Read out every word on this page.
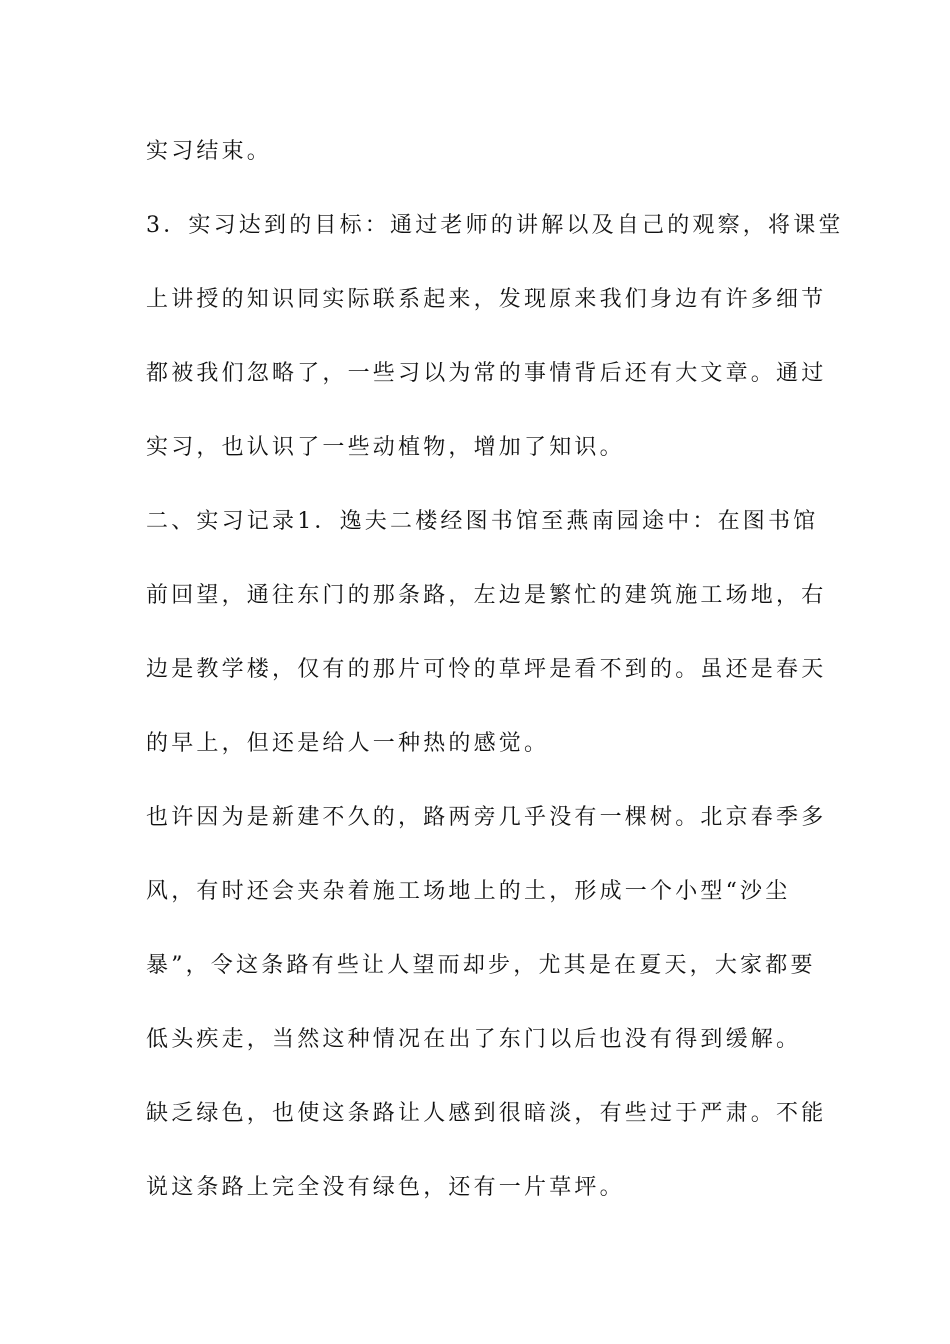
实习结束。

3．实习达到的目标：通过老师的讲解以及自己的观察，将课堂

上讲授的知识同实际联系起来，发现原来我们身边有许多细节

都被我们忽略了，一些习以为常的事情背后还有大文章。通过

实习，也认识了一些动植物，增加了知识。

二、实习记录1．逸夫二楼经图书馆至燕南园途中：在图书馆

前回望，通往东门的那条路，左边是繁忙的建筑施工场地，右

边是教学楼，仅有的那片可怜的草坪是看不到的。虽还是春天

的早上，但还是给人一种热的感觉。

也许因为是新建不久的，路两旁几乎没有一棵树。北京春季多

风，有时还会夹杂着施工场地上的土，形成一个小型“沙尘

暴”，令这条路有些让人望而却步，尤其是在夏天，大家都要

低头疾走，当然这种情况在出了东门以后也没有得到缓解。

缺乏绿色，也使这条路让人感到很暗淡，有些过于严肃。不能

说这条路上完全没有绿色，还有一片草坪。
